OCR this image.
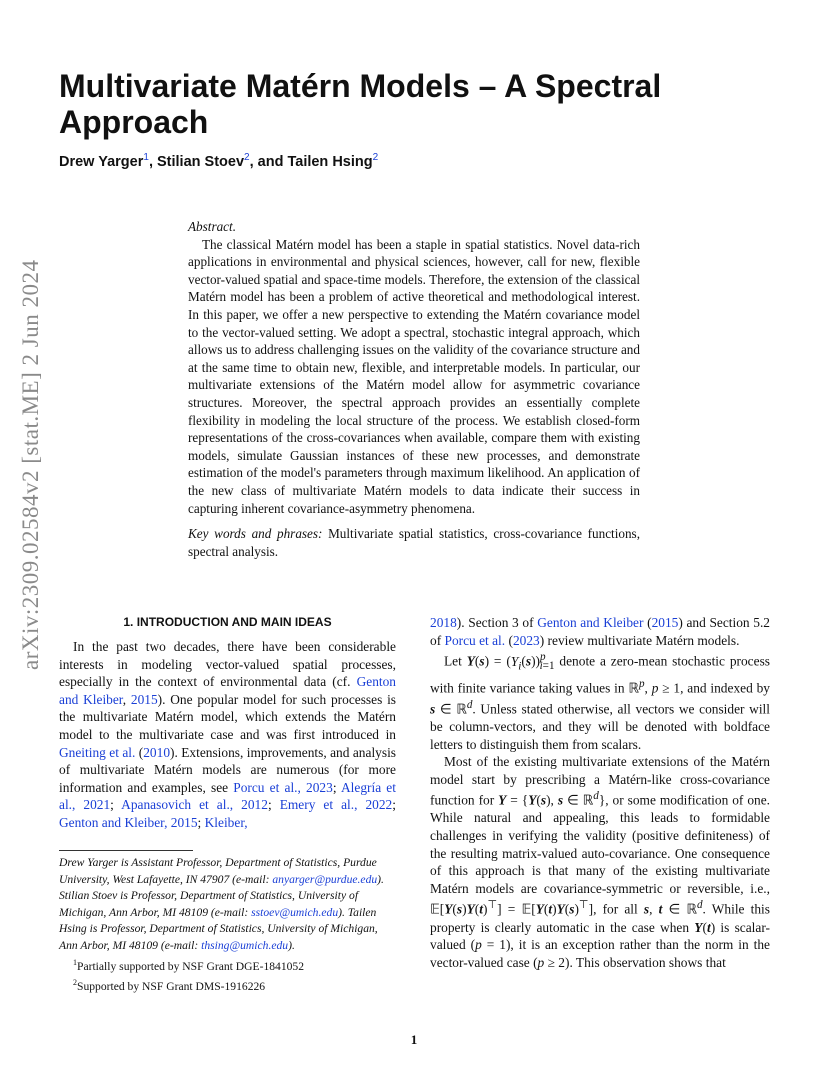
arXiv:2309.02584v2 [stat.ME] 2 Jun 2024
Multivariate Matérn Models – A Spectral Approach
Drew Yarger$^1$, Stilian Stoev$^2$, and Tailen Hsing$^2$
Abstract.

The classical Matérn model has been a staple in spatial statistics. Novel data-rich applications in environmental and physical sciences, however, call for new, flexible vector-valued spatial and space-time models. Therefore, the extension of the classical Matérn model has been a problem of active theoretical and methodological interest. In this paper, we offer a new perspective to extending the Matérn covariance model to the vector-valued setting. We adopt a spectral, stochastic integral approach, which allows us to address challenging issues on the validity of the covariance structure and at the same time to obtain new, flexible, and interpretable models. In particular, our multivariate extensions of the Matérn model allow for asymmetric covariance structures. Moreover, the spectral approach provides an essentially complete flexibility in modeling the local structure of the process. We establish closed-form representations of the cross-covariances when available, compare them with existing models, simulate Gaussian instances of these new processes, and demonstrate estimation of the model's parameters through maximum likelihood. An application of the new class of multivariate Matérn models to data indicate their success in capturing inherent covariance-asymmetry phenomena.

Key words and phrases: Multivariate spatial statistics, cross-covariance functions, spectral analysis.

1. INTRODUCTION AND MAIN IDEAS

In the past two decades, there have been considerable interests in modeling vector-valued spatial processes, especially in the context of environmental data (cf. Genton and Kleiber, 2015). One popular model for such processes is the multivariate Matérn model, which extends the Matérn model to the multivariate case and was first introduced in Gneiting et al. (2010). Extensions, improvements, and analysis of multivariate Matérn models are numerous (for more information and examples, see Porcu et al., 2023; Alegría et al., 2021; Apanasovich et al., 2012; Emery et al., 2022; Genton and Kleiber, 2015; Kleiber,

2018). Section 3 of Genton and Kleiber (2015) and Section 5.2 of Porcu et al. (2023) review multivariate Matérn models.

Let $Y(s) = (Y_i(s))^p_{i=1}$ denote a zero-mean stochastic process with finite variance taking values in ℝ$^p$, p ≥ 1, and indexed by s ∈ ℝ$^d$. Unless stated otherwise, all vectors we consider will be column-vectors, and they will be denoted with boldface letters to distinguish them from scalars.

Most of the existing multivariate extensions of the Matérn model start by prescribing a Matérn-like cross-covariance function for Y = {Y(s), s ∈ ℝ$^d$}, or some modification of one. While natural and appealing, this leads to formidable challenges in verifying the validity (positive definiteness) of the resulting matrix-valued auto-covariance. One consequence of this approach is that many of the existing multivariate Matérn models are covariance-symmetric or reversible, i.e., 𝔼[Y(s)Y(t)⊤] = 𝔼[Y(t)Y(s)⊤], for all s, t ∈ ℝ$^d$. While this property is clearly automatic in the case when Y(t) is scalar-valued (p = 1), it is an exception rather than the norm in the vector-valued case (p ≥ 2). This observation shows that

Drew Yarger is Assistant Professor, Department of Statistics, Purdue University, West Lafayette, IN 47907 (e-mail: anyarger@purdue.edu). Stilian Stoev is Professor, Department of Statistics, University of Michigan, Ann Arbor, MI 48109 (e-mail: sstoev@umich.edu). Tailen Hsing is Professor, Department of Statistics, University of Michigan, Ann Arbor, MI 48109 (e-mail: thsing@umich.edu).

$^1$Partially supported by NSF Grant DGE-1841052

$^2$Supported by NSF Grant DMS-1916226

1
